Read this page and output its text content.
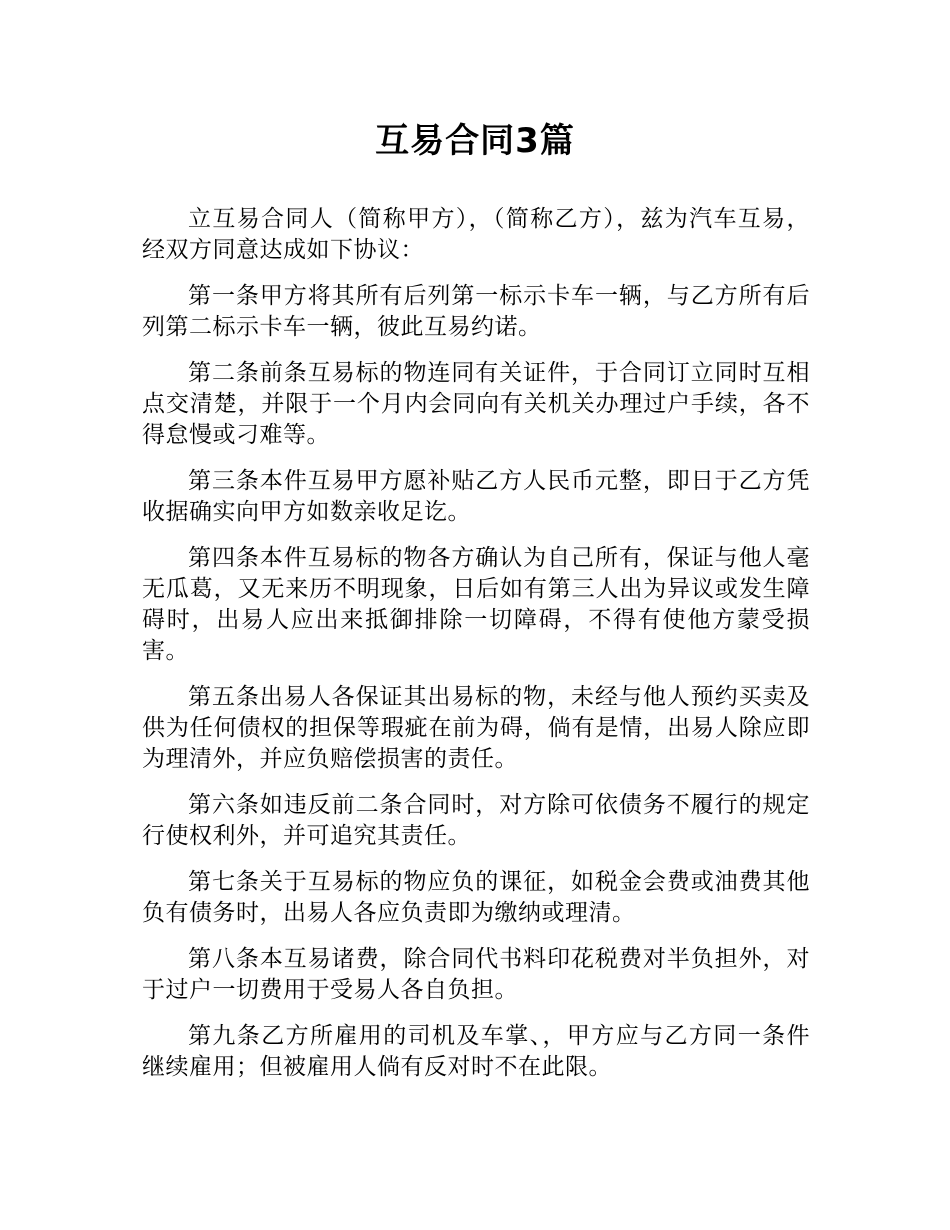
互易合同3篇

立互易合同人（简称甲方），（简称乙方），兹为汽车互易，经双方同意达成如下协议：

第一条甲方将其所有后列第一标示卡车一辆，与乙方所有后列第二标示卡车一辆，彼此互易约诺。

第二条前条互易标的物连同有关证件，于合同订立同时互相点交清楚，并限于一个月内会同向有关机关办理过户手续，各不得怠慢或刁难等。

第三条本件互易甲方愿补贴乙方人民币元整，即日于乙方凭收据确实向甲方如数亲收足讫。

第四条本件互易标的物各方确认为自己所有，保证与他人毫无瓜葛，又无来历不明现象，日后如有第三人出为异议或发生障碍时，出易人应出来抵御排除一切障碍，不得有使他方蒙受损害。

第五条出易人各保证其出易标的物，未经与他人预约买卖及供为任何债权的担保等瑕疵在前为碍，倘有是情，出易人除应即为理清外，并应负赔偿损害的责任。

第六条如违反前二条合同时，对方除可依债务不履行的规定行使权利外，并可追究其责任。

第七条关于互易标的物应负的课征，如税金会费或油费其他负有债务时，出易人各应负责即为缴纳或理清。

第八条本互易诸费，除合同代书料印花税费对半负担外，对于过户一切费用于受易人各自负担。

第九条乙方所雇用的司机及车掌、，甲方应与乙方同一条件继续雇用；但被雇用人倘有反对时不在此限。
